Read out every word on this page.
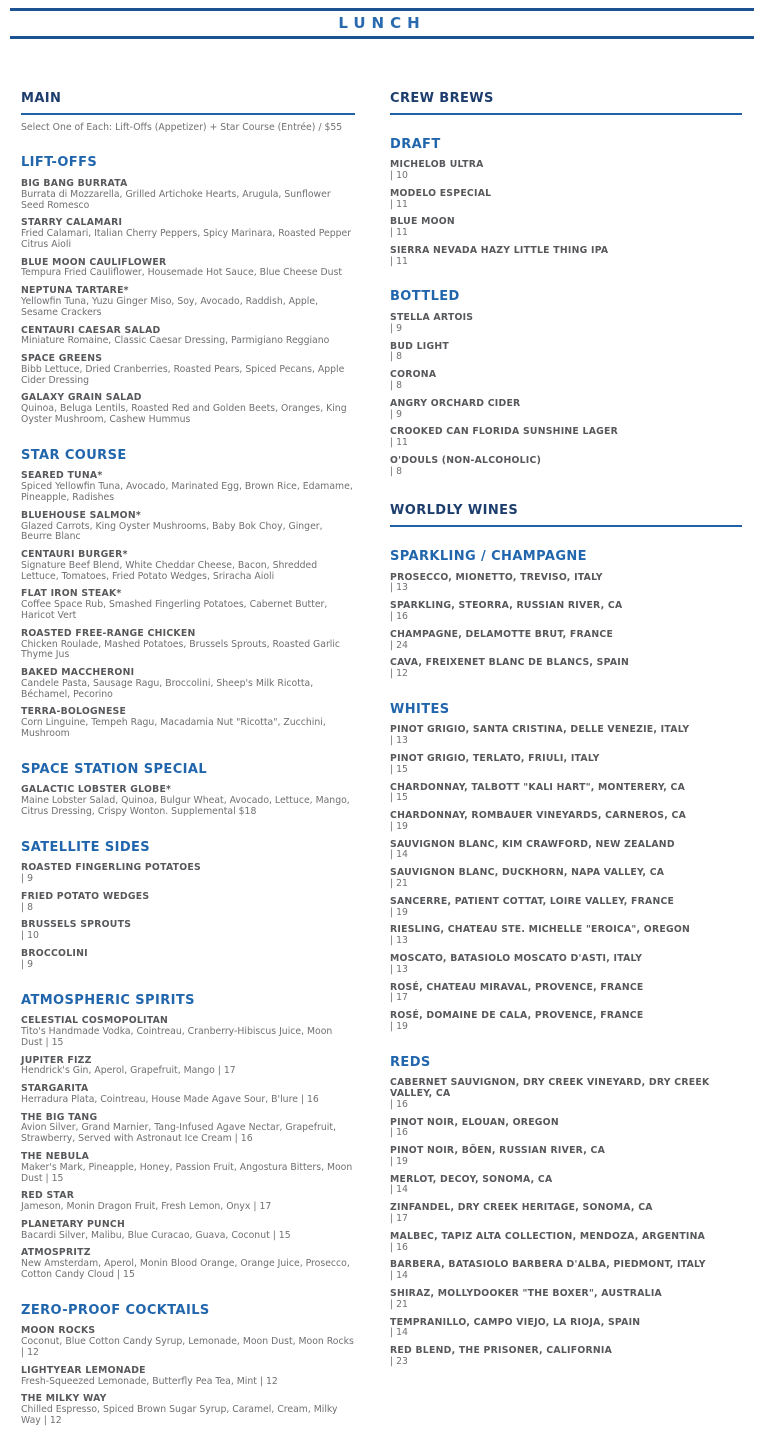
LUNCH
MAIN
Select One of Each: Lift-Offs (Appetizer) + Star Course (Entrée) / $55
LIFT-OFFS
BIG BANG BURRATA
Burrata di Mozzarella, Grilled Artichoke Hearts, Arugula, Sunflower Seed Romesco
STARRY CALAMARI
Fried Calamari, Italian Cherry Peppers, Spicy Marinara, Roasted Pepper Citrus Aioli
BLUE MOON CAULIFLOWER
Tempura Fried Cauliflower, Housemade Hot Sauce, Blue Cheese Dust
NEPTUNA TARTARE*
Yellowfin Tuna, Yuzu Ginger Miso, Soy, Avocado, Raddish, Apple, Sesame Crackers
CENTAURI CAESAR SALAD
Miniature Romaine, Classic Caesar Dressing, Parmigiano Reggiano
SPACE GREENS
Bibb Lettuce, Dried Cranberries, Roasted Pears, Spiced Pecans, Apple Cider Dressing
GALAXY GRAIN SALAD
Quinoa, Beluga Lentils, Roasted Red and Golden Beets, Oranges, King Oyster Mushroom, Cashew Hummus
STAR COURSE
SEARED TUNA*
Spiced Yellowfin Tuna, Avocado, Marinated Egg, Brown Rice, Edamame, Pineapple, Radishes
BLUEHOUSE SALMON*
Glazed Carrots, King Oyster Mushrooms, Baby Bok Choy, Ginger, Beurre Blanc
CENTAURI BURGER*
Signature Beef Blend, White Cheddar Cheese, Bacon, Shredded Lettuce, Tomatoes, Fried Potato Wedges, Sriracha Aioli
FLAT IRON STEAK*
Coffee Space Rub, Smashed Fingerling Potatoes, Cabernet Butter, Haricot Vert
ROASTED FREE-RANGE CHICKEN
Chicken Roulade, Mashed Potatoes, Brussels Sprouts, Roasted Garlic Thyme Jus
BAKED MACCHERONI
Candele Pasta, Sausage Ragu, Broccolini, Sheep's Milk Ricotta, Béchamel, Pecorino
TERRA-BOLOGNESE
Corn Linguine, Tempeh Ragu, Macadamia Nut "Ricotta", Zucchini, Mushroom
SPACE STATION SPECIAL
GALACTIC LOBSTER GLOBE*
Maine Lobster Salad, Quinoa, Bulgur Wheat, Avocado, Lettuce, Mango, Citrus Dressing, Crispy Wonton. Supplemental $18
SATELLITE SIDES
ROASTED FINGERLING POTATOES
| 9
FRIED POTATO WEDGES
| 8
BRUSSELS SPROUTS
| 10
BROCCOLINI
| 9
ATMOSPHERIC SPIRITS
CELESTIAL COSMOPOLITAN
Tito's Handmade Vodka, Cointreau, Cranberry-Hibiscus Juice, Moon Dust | 15
JUPITER FIZZ
Hendrick's Gin, Aperol, Grapefruit, Mango | 17
STARGARITA
Herradura Plata, Cointreau, House Made Agave Sour, B'lure | 16
THE BIG TANG
Avion Silver, Grand Marnier, Tang-Infused Agave Nectar, Grapefruit, Strawberry, Served with Astronaut Ice Cream | 16
THE NEBULA
Maker's Mark, Pineapple, Honey, Passion Fruit, Angostura Bitters, Moon Dust | 15
RED STAR
Jameson, Monin Dragon Fruit, Fresh Lemon, Onyx | 17
PLANETARY PUNCH
Bacardi Silver, Malibu, Blue Curacao, Guava, Coconut | 15
ATMOSPRITZ
New Amsterdam, Aperol, Monin Blood Orange, Orange Juice, Prosecco, Cotton Candy Cloud | 15
ZERO-PROOF COCKTAILS
MOON ROCKS
Coconut, Blue Cotton Candy Syrup, Lemonade, Moon Dust, Moon Rocks | 12
LIGHTYEAR LEMONADE
Fresh-Squeezed Lemonade, Butterfly Pea Tea, Mint | 12
THE MILKY WAY
Chilled Espresso, Spiced Brown Sugar Syrup, Caramel, Cream, Milky Way | 12
CREW BREWS
DRAFT
MICHELOB ULTRA
| 10
MODELO ESPECIAL
| 11
BLUE MOON
| 11
SIERRA NEVADA HAZY LITTLE THING IPA
| 11
BOTTLED
STELLA ARTOIS
| 9
BUD LIGHT
| 8
CORONA
| 8
ANGRY ORCHARD CIDER
| 9
CROOKED CAN FLORIDA SUNSHINE LAGER
| 11
O'DOULS (NON-ALCOHOLIC)
| 8
WORLDLY WINES
SPARKLING / CHAMPAGNE
PROSECCO, MIONETTO, TREVISO, ITALY
| 13
SPARKLING, STEORRA, RUSSIAN RIVER, CA
| 16
CHAMPAGNE, DELAMOTTE BRUT, FRANCE
| 24
CAVA, FREIXENET BLANC DE BLANCS, SPAIN
| 12
WHITES
PINOT GRIGIO, SANTA CRISTINA, DELLE VENEZIE, ITALY
| 13
PINOT GRIGIO, TERLATO, FRIULI, ITALY
| 15
CHARDONNAY, TALBOTT "KALI HART", MONTERERY, CA
| 15
CHARDONNAY, ROMBAUER VINEYARDS, CARNEROS, CA
| 19
SAUVIGNON BLANC, KIM CRAWFORD, NEW ZEALAND
| 14
SAUVIGNON BLANC, DUCKHORN, NAPA VALLEY, CA
| 21
SANCERRE, PATIENT COTTAT, LOIRE VALLEY, FRANCE
| 19
RIESLING, CHATEAU STE. MICHELLE "EROICA", OREGON
| 13
MOSCATO, BATASIOLO MOSCATO D'ASTI, ITALY
| 13
ROSÉ, CHATEAU MIRAVAL, PROVENCE, FRANCE
| 17
ROSÉ, DOMAINE DE CALA, PROVENCE, FRANCE
| 19
REDS
CABERNET SAUVIGNON, DRY CREEK VINEYARD, DRY CREEK VALLEY, CA
| 16
PINOT NOIR, ELOUAN, OREGON
| 16
PINOT NOIR, BÖEN, RUSSIAN RIVER, CA
| 19
MERLOT, DECOY, SONOMA, CA
| 14
ZINFANDEL, DRY CREEK HERITAGE, SONOMA, CA
| 17
MALBEC, TAPIZ ALTA COLLECTION, MENDOZA, ARGENTINA
| 16
BARBERA, BATASIOLO BARBERA D'ALBA, PIEDMONT, ITALY
| 14
SHIRAZ, MOLLYDOOKER "THE BOXER", AUSTRALIA
| 21
TEMPRANILLO, CAMPO VIEJO, LA RIOJA, SPAIN
| 14
RED BLEND, THE PRISONER, CALIFORNIA
| 23
